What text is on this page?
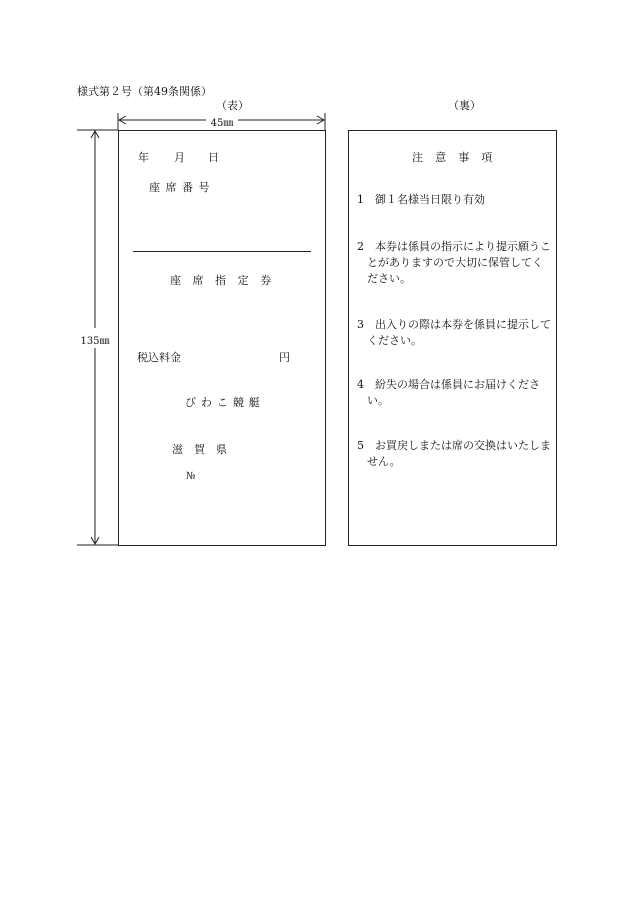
様式第２号（第49条関係）
（表）	（裏）
45㎜
135㎜
年 月 日
座席番号
座席指定券
税込料金	円
びわこ競艇
滋　賀　県
№
注意事項
1	御１名様当日限り有効
2	本券は係員の指示により提示願うことがありますので大切に保管してください。
3	出入りの際は本券を係員に提示してください。
4	紛失の場合は係員にお届けください。
5	お買戻しまたは席の交換はいたしません。
